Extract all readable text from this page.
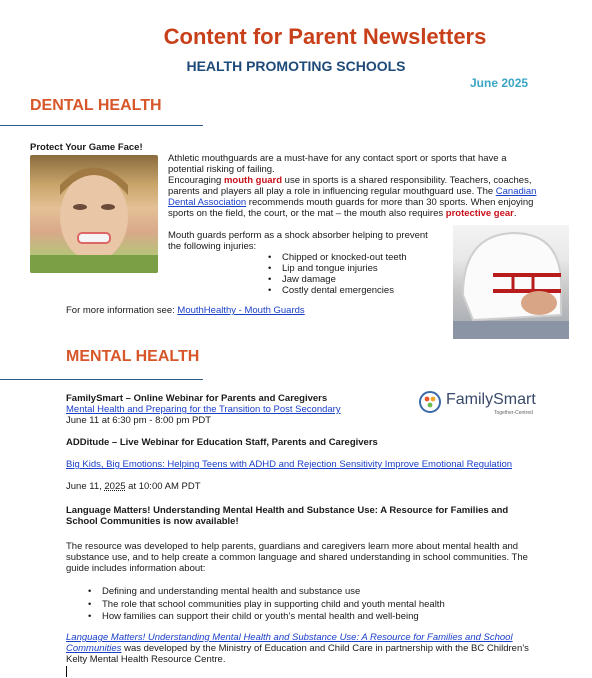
Content for Parent Newsletters
HEALTH PROMOTING SCHOOLS
June 2025
DENTAL HEALTH
Protect Your Game Face!
Athletic mouthguards are a must-have for any contact sport or sports that have a potential risking of failing.
Encouraging mouth guard use in sports is a shared responsibility. Teachers, coaches, parents and players all play a role in influencing regular mouthguard use. The Canadian Dental Association recommends mouth guards for more than 30 sports. When enjoying sports on the field, the court, or the mat – the mouth also requires protective gear.
Mouth guards perform as a shock absorber helping to prevent the following injuries:
• Chipped or knocked-out teeth
• Lip and tongue injuries
• Jaw damage
• Costly dental emergencies
For more information see: MouthHealthy - Mouth Guards
MENTAL HEALTH
FamilySmart – Online Webinar for Parents and Caregivers
Mental Health and Preparing for the Transition to Post Secondary
June 11 at 6:30 pm - 8:00 pm PDT
FamilySmart
Together-Centred
ADDitude – Live Webinar for Education Staff, Parents and Caregivers
Big Kids, Big Emotions: Helping Teens with ADHD and Rejection Sensitivity Improve Emotional Regulation
June 11, 2025 at 10:00 AM PDT
Language Matters! Understanding Mental Health and Substance Use: A Resource for Families and School Communities is now available!
The resource was developed to help parents, guardians and caregivers learn more about mental health and substance use, and to help create a common language and shared understanding in school communities. The guide includes information about:
• Defining and understanding mental health and substance use
• The role that school communities play in supporting child and youth mental health
• How families can support their child or youth’s mental health and well-being
Language Matters! Understanding Mental Health and Substance Use: A Resource for Families and School Communities was developed by the Ministry of Education and Child Care in partnership with the BC Children’s Kelty Mental Health Resource Centre.
